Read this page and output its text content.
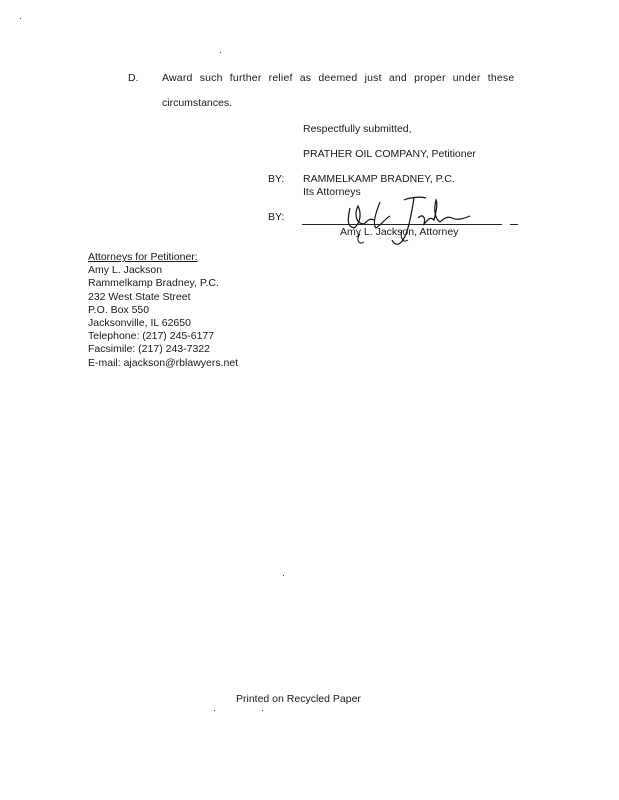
D. Award such further relief as deemed just and proper under these
circumstances.
Respectfully submitted,
PRATHER OIL COMPANY, Petitioner
BY: RAMMELKAMP BRADNEY, P.C.
Its Attorneys
BY:
Amy L. Jackson, Attorney
Attorneys for Petitioner:
Amy L. Jackson
Rammelkamp Bradney, P.C.
232 West State Street
P.O. Box 550
Jacksonville, IL 62650
Telephone: (217) 245-6177
Facsimile: (217) 243-7322
E-mail: ajackson@rblawyers.net
Printed on Recycled Paper
